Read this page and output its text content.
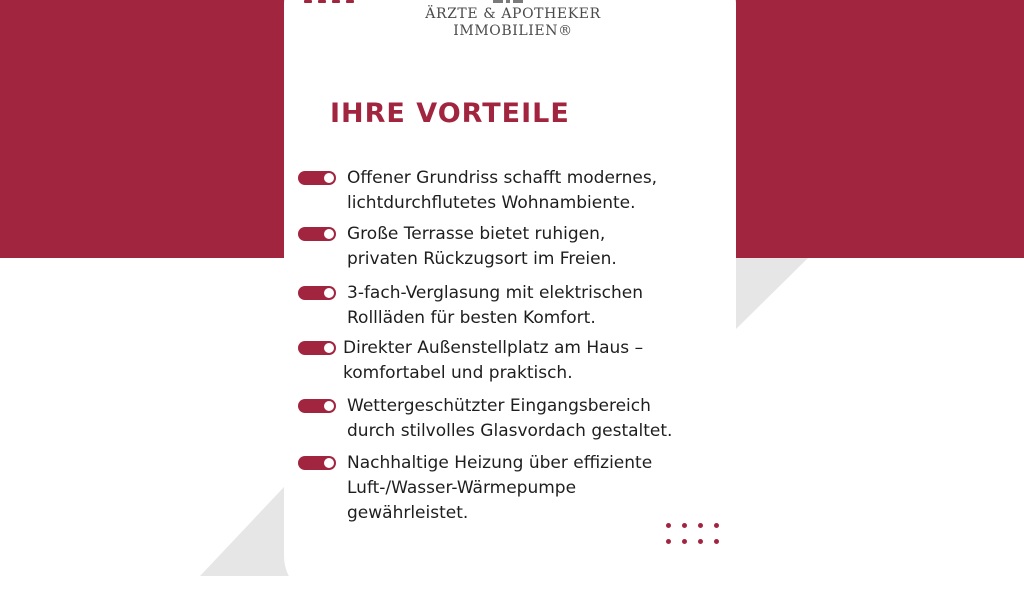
ÄRZTE & APOTHEKER
IMMOBILIEN®
IHRE VORTEILE
Offener Grundriss schafft modernes,
lichtdurchflutetes Wohnambiente.
Große Terrasse bietet ruhigen,
privaten Rückzugsort im Freien.
3-fach-Verglasung mit elektrischen
Rollläden für besten Komfort.
Direkter Außenstellplatz am Haus –
komfortabel und praktisch.
Wettergeschützter Eingangsbereich
durch stilvolles Glasvordach gestaltet.
Nachhaltige Heizung über effiziente
Luft-/Wasser-Wärmepumpe
gewährleistet.
